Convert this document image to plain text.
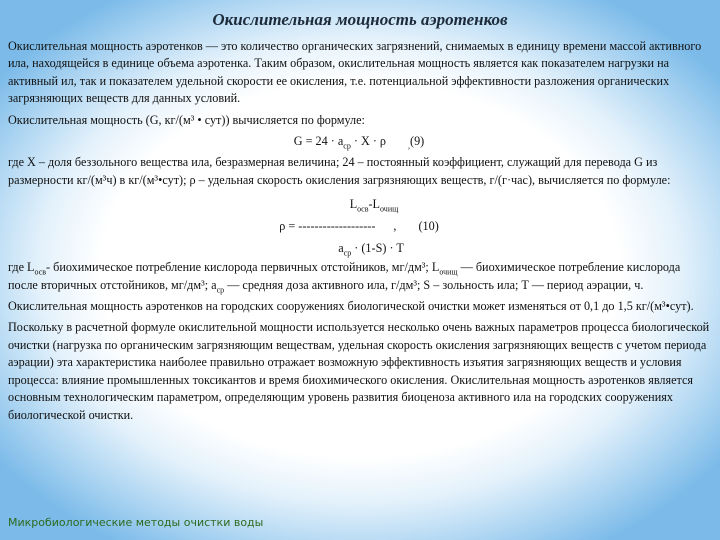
Окислительная мощность аэротенков

Окислительная мощность аэротенков — это количество органических загрязнений, снимаемых в единицу времени массой активного ила, находящейся в единице объема аэротенка. Таким образом, окислительная мощность является как показателем нагрузки на активный ил, так и показателем удельной скорости ее окисления, т.е. потенциальной эффективности разложения органических загрязняющих веществ для данных условий.

Окислительная мощность (G, кг/(м³ • сут)) вычисляется по формуле:

$G = 24 \cdot a_{cp} \cdot X \cdot \rho$	$_,$(9)

где X – доля беззольного вещества ила, безразмерная величина; 24 – постоянный коэффициент, служащий для перевода G из размерности кг/(м³ч) в кг/(м³•сут); ρ – удельная скорость окисления загрязняющих веществ, г/(г·час), вычисляется по формуле:

$L_{ocв}-L_{очищ}$
ρ = ------------------- , (10)
$a_{cp} \cdot (1-S) \cdot T$

где $L_{осв}-$ биохимическое потребление кислорода первичных отстойников, мг/дм³; $L_{очищ}$ — биохимическое потребление кислорода после вторичных отстойников, мг/дм³; $а_{ср}$ — средняя доза активного ила, г/дм³; S – зольность ила; T — период аэрации, ч.

Окислительная мощность аэротенков на городских сооружениях биологической очистки может изменяться от 0,1 до 1,5 кг/(м³•сут).

Поскольку в расчетной формуле окислительной мощности используется несколько очень важных параметров процесса биологической очистки (нагрузка по органическим загрязняющим веществам, удельная скорость окисления загрязняющих веществ с учетом периода аэрации) эта характеристика наиболее правильно отражает возможную эффективность изъятия загрязняющих веществ и условия процесса: влияние промышленных токсикантов и время биохимического окисления. Окислительная мощность аэротенков является основным технологическим параметром, определяющим уровень развития биоценоза активного ила на городских сооружениях биологической очистки.

Микробиологические методы очистки воды
